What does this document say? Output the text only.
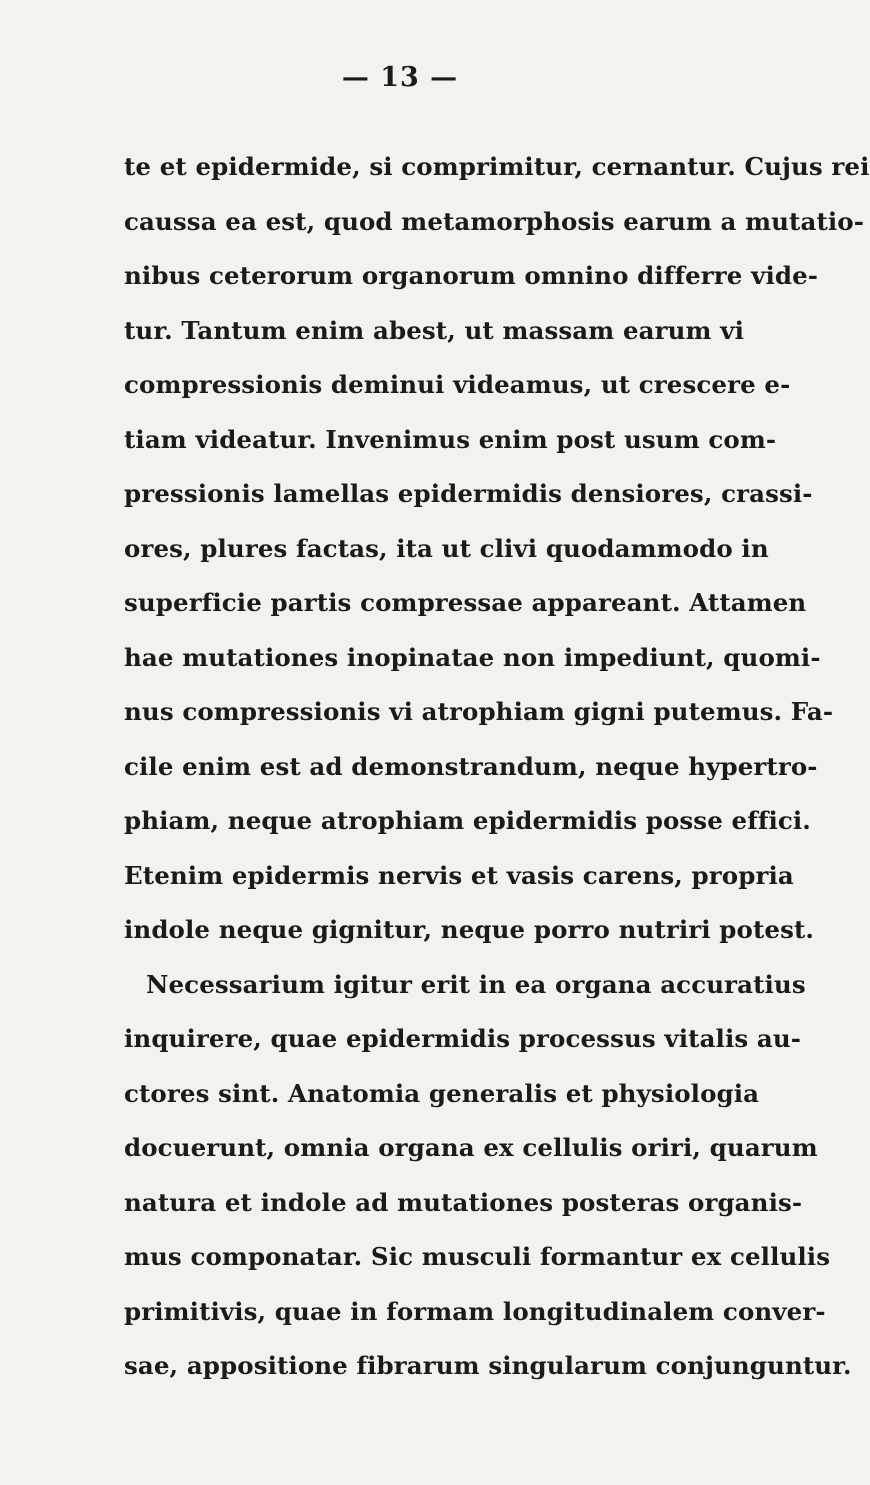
— 13 —
te et epidermide, si comprimitur, cernantur. Cujus rei
caussa ea est, quod metamorphosis earum a mutatio-
nibus ceterorum organorum omnino differre vide-
tur. Tantum enim abest, ut massam earum vi
compressionis deminui videamus, ut crescere e-
tiam videatur. Invenimus enim post usum com-
pressionis lamellas epidermidis densiores, crassi-
ores, plures factas, ita ut clivi quodammodo in
superficie partis compressae appareant. Attamen
hae mutationes inopinatae non impediunt, quomi-
nus compressionis vi atrophiam gigni putemus. Fa-
cile enim est ad demonstrandum, neque hypertro-
phiam, neque atrophiam epidermidis posse effici.
Etenim epidermis nervis et vasis carens, propria
indole neque gignitur, neque porro nutriri potest.
Necessarium igitur erit in ea organa accuratius
inquirere, quae epidermidis processus vitalis au-
ctores sint. Anatomia generalis et physiologia
docuerunt, omnia organa ex cellulis oriri, quarum
natura et indole ad mutationes posteras organis-
mus componatar. Sic musculi formantur ex cellulis
primitivis, quae in formam longitudinalem conver-
sae, appositione fibrarum singularum conjunguntur.
